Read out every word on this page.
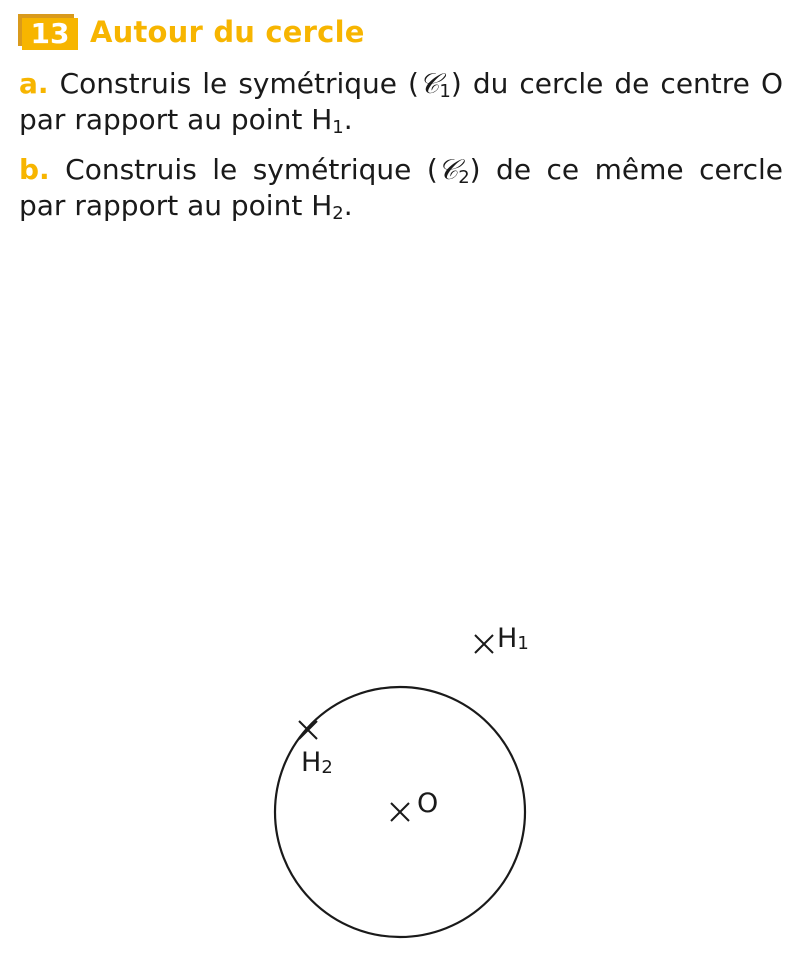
13 Autour du cercle
a. Construis le symétrique (𝒞$_1$) du cercle de centre O par rapport au point $H_1$.
b. Construis le symétrique (𝒞$_2$) de ce même cercle par rapport au point $H_2$.
O
H1
H2
